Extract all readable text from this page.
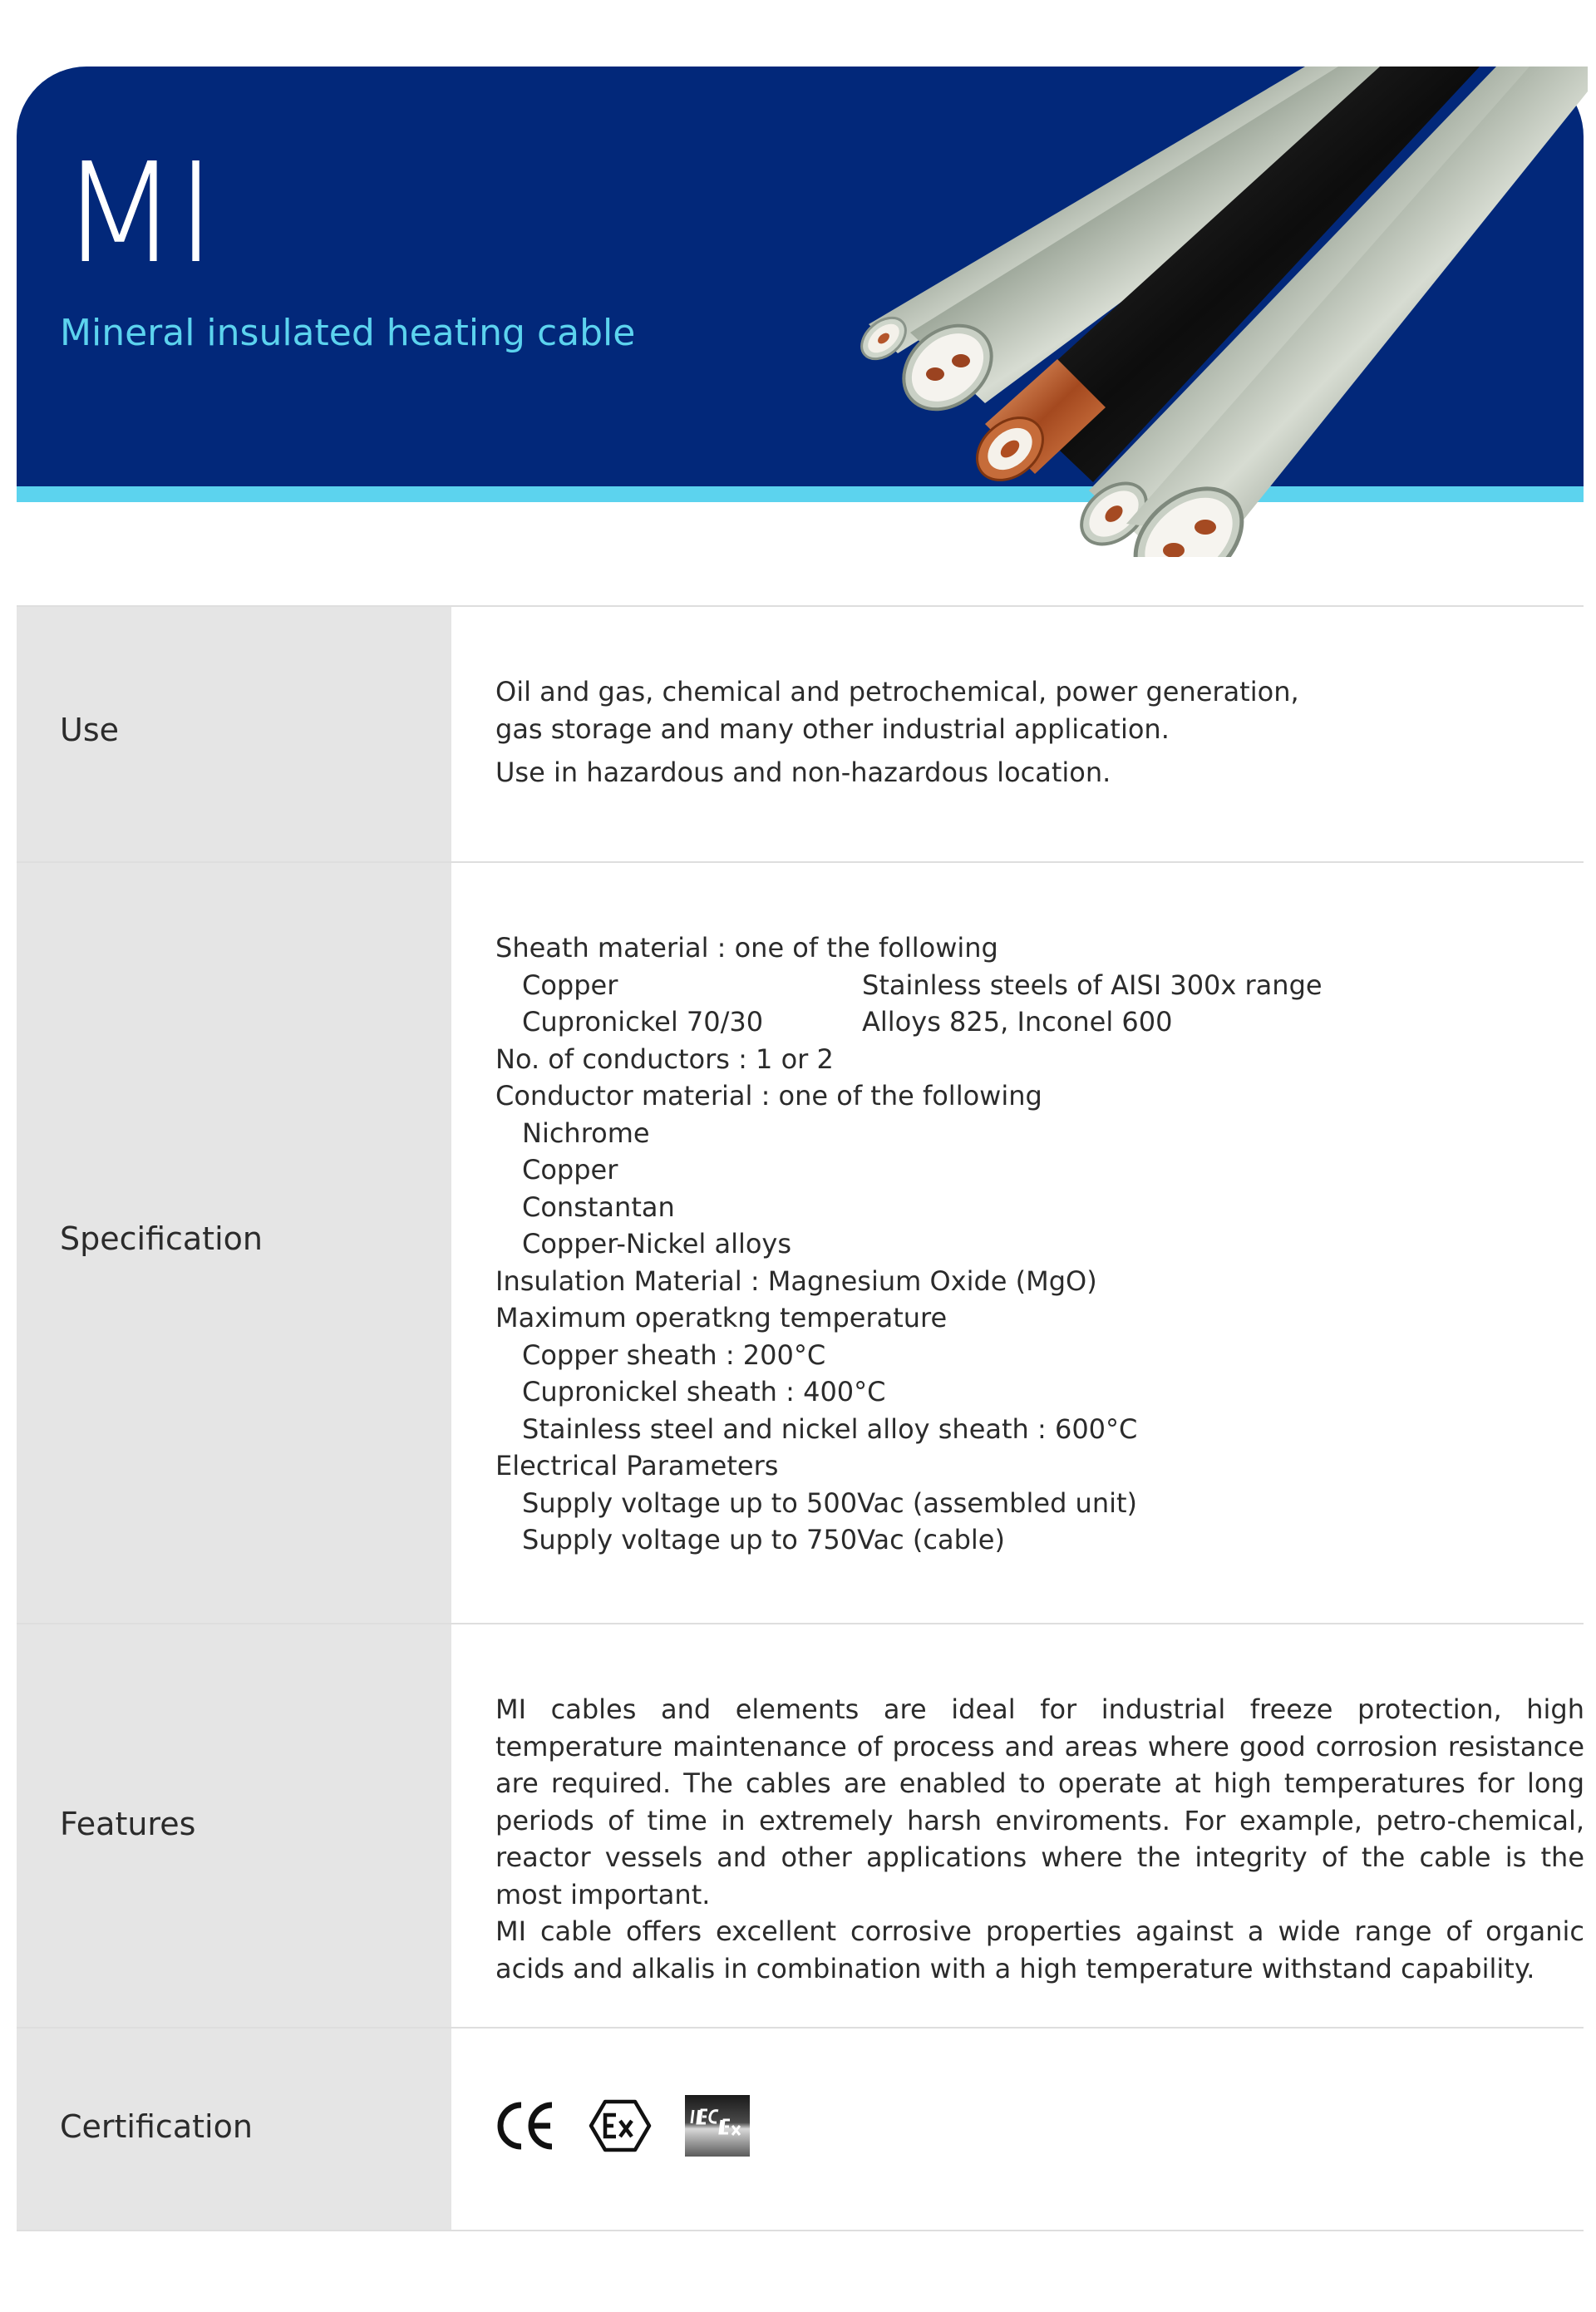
MI
Mineral insulated heating cable
Use

Oil and gas, chemical and petrochemical, power generation,

gas storage and many other industrial application.

Use in hazardous and non-hazardous location.

Specification

Sheath material : one of the following

Copper	Stainless steels of AISI 300x range

Cupronickel 70/30	Alloys 825, Inconel 600

No. of conductors : 1 or 2

Conductor material : one of the following

Nichrome

Copper

Constantan

Copper-Nickel alloys

Insulation Material : Magnesium Oxide (MgO)

Maximum operatkng temperature

Copper sheath : 200°C

Cupronickel sheath : 400°C

Stainless steel and nickel alloy sheath : 600°C

Electrical Parameters

Supply voltage up to 500Vac (assembled unit)

Supply voltage up to 750Vac (cable)

Features

MI cables and elements are ideal for industrial freeze protection, high temperature maintenance of process and areas where good corrosion resistance are required. The cables are enabled to operate at high temperatures for long periods of time in extremely harsh enviroments. For example, petro-chemical, reactor vessels and other applications where the integrity of the cable is the most important.

MI cable offers excellent corrosive properties against a wide range of organic acids and alkalis in combination with a high temperature withstand capability.

Certification
